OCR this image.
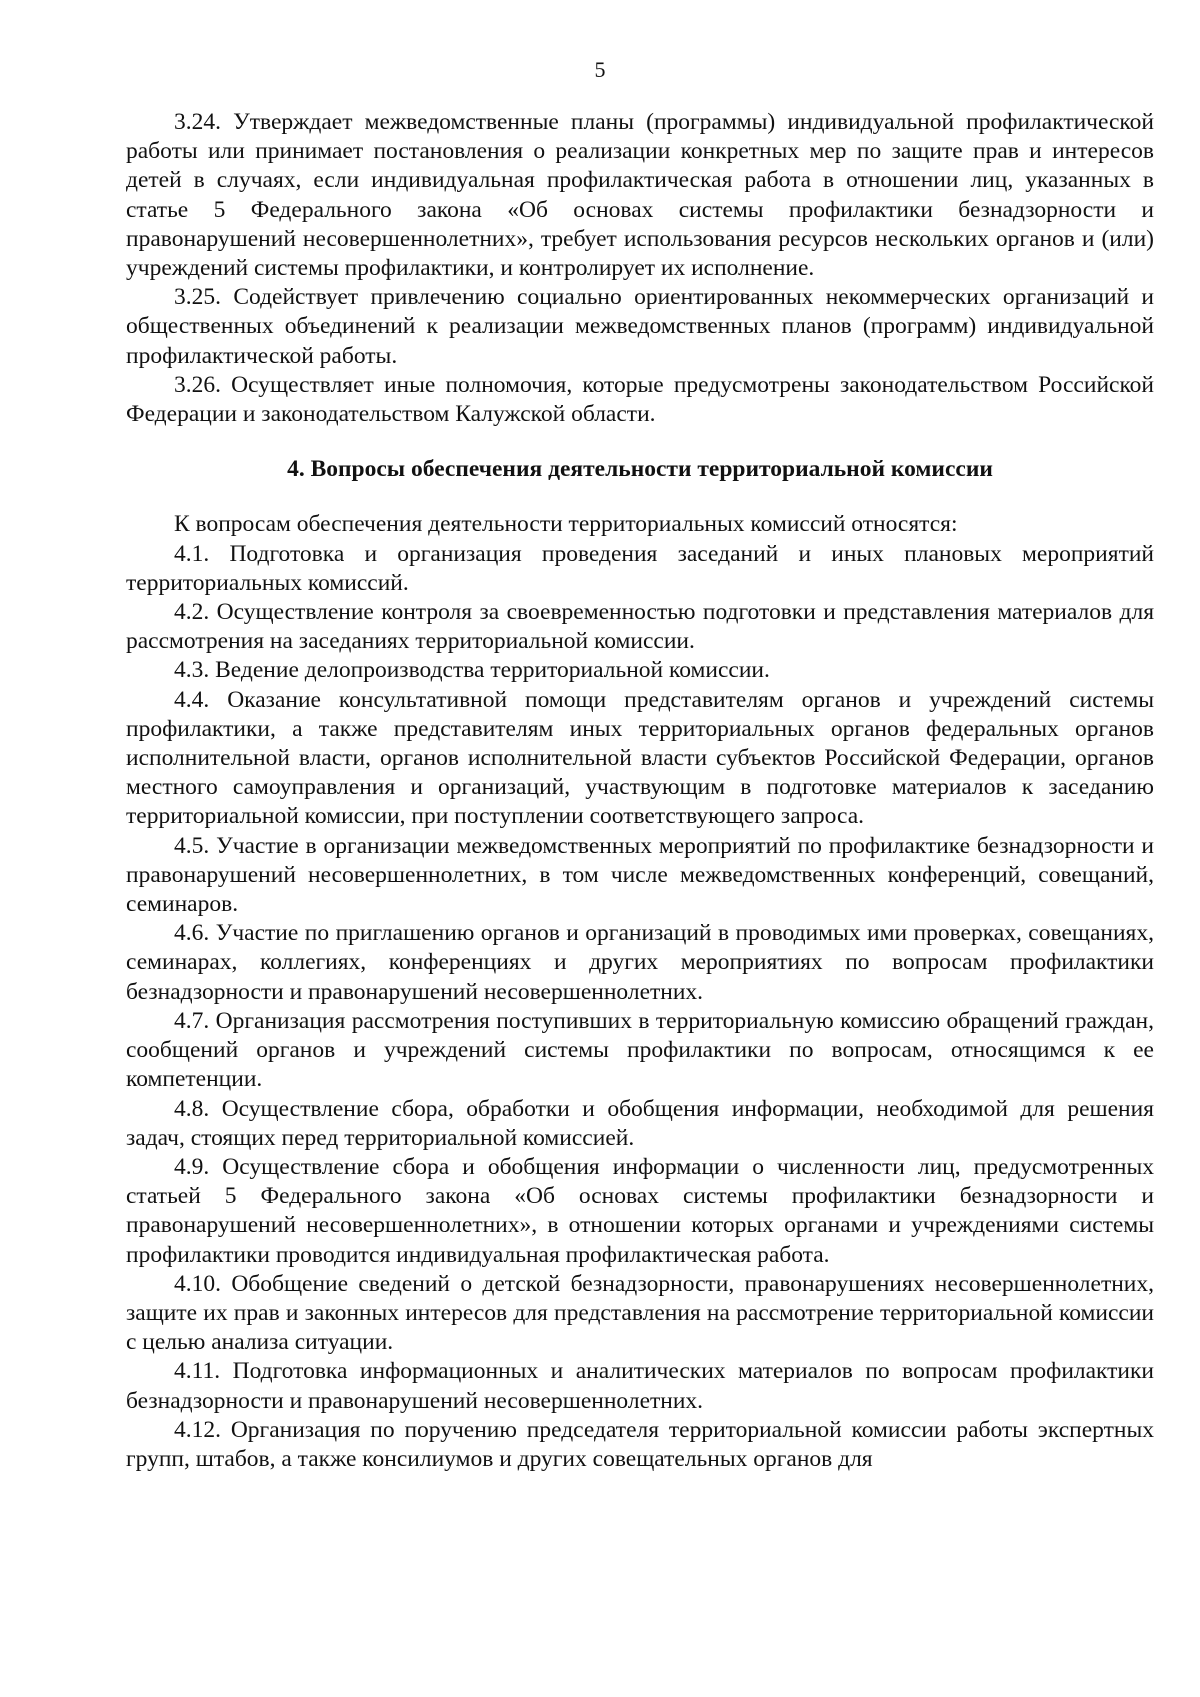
5

3.24. Утверждает межведомственные планы (программы) индивидуальной профилактической работы или принимает постановления о реализации конкретных мер по защите прав и интересов детей в случаях, если индивидуальная профилактическая работа в отношении лиц, указанных в статье 5 Федерального закона «Об основах системы профилактики безнадзорности и правонарушений несовершеннолетних», требует использования ресурсов нескольких органов и (или) учреждений системы профилактики, и контролирует их исполнение.

3.25. Содействует привлечению социально ориентированных некоммерческих организаций и общественных объединений к реализации межведомственных планов (программ) индивидуальной профилактической работы.

3.26. Осуществляет иные полномочия, которые предусмотрены законодательством Российской Федерации и законодательством Калужской области.

4. Вопросы обеспечения деятельности территориальной комиссии

К вопросам обеспечения деятельности территориальных комиссий относятся:

4.1. Подготовка и организация проведения заседаний и иных плановых мероприятий территориальных комиссий.

4.2. Осуществление контроля за своевременностью подготовки и представления материалов для рассмотрения на заседаниях территориальной комиссии.

4.3. Ведение делопроизводства территориальной комиссии.

4.4. Оказание консультативной помощи представителям органов и учреждений системы профилактики, а также представителям иных территориальных органов федеральных органов исполнительной власти, органов исполнительной власти субъектов Российской Федерации, органов местного самоуправления и организаций, участвующим в подготовке материалов к заседанию территориальной комиссии, при поступлении соответствующего запроса.

4.5. Участие в организации межведомственных мероприятий по профилактике безнадзорности и правонарушений несовершеннолетних, в том числе межведомственных конференций, совещаний, семинаров.

4.6. Участие по приглашению органов и организаций в проводимых ими проверках, совещаниях, семинарах, коллегиях, конференциях и других мероприятиях по вопросам профилактики безнадзорности и правонарушений несовершеннолетних.

4.7. Организация рассмотрения поступивших в территориальную комиссию обращений граждан, сообщений органов и учреждений системы профилактики по вопросам, относящимся к ее компетенции.

4.8. Осуществление сбора, обработки и обобщения информации, необходимой для решения задач, стоящих перед территориальной комиссией.

4.9. Осуществление сбора и обобщения информации о численности лиц, предусмотренных статьей 5 Федерального закона «Об основах системы профилактики безнадзорности и правонарушений несовершеннолетних», в отношении которых органами и учреждениями системы профилактики проводится индивидуальная профилактическая работа.

4.10. Обобщение сведений о детской безнадзорности, правонарушениях несовершеннолетних, защите их прав и законных интересов для представления на рассмотрение территориальной комиссии с целью анализа ситуации.

4.11. Подготовка информационных и аналитических материалов по вопросам профилактики безнадзорности и правонарушений несовершеннолетних.

4.12. Организация по поручению председателя территориальной комиссии работы экспертных групп, штабов, а также консилиумов и других совещательных органов для
